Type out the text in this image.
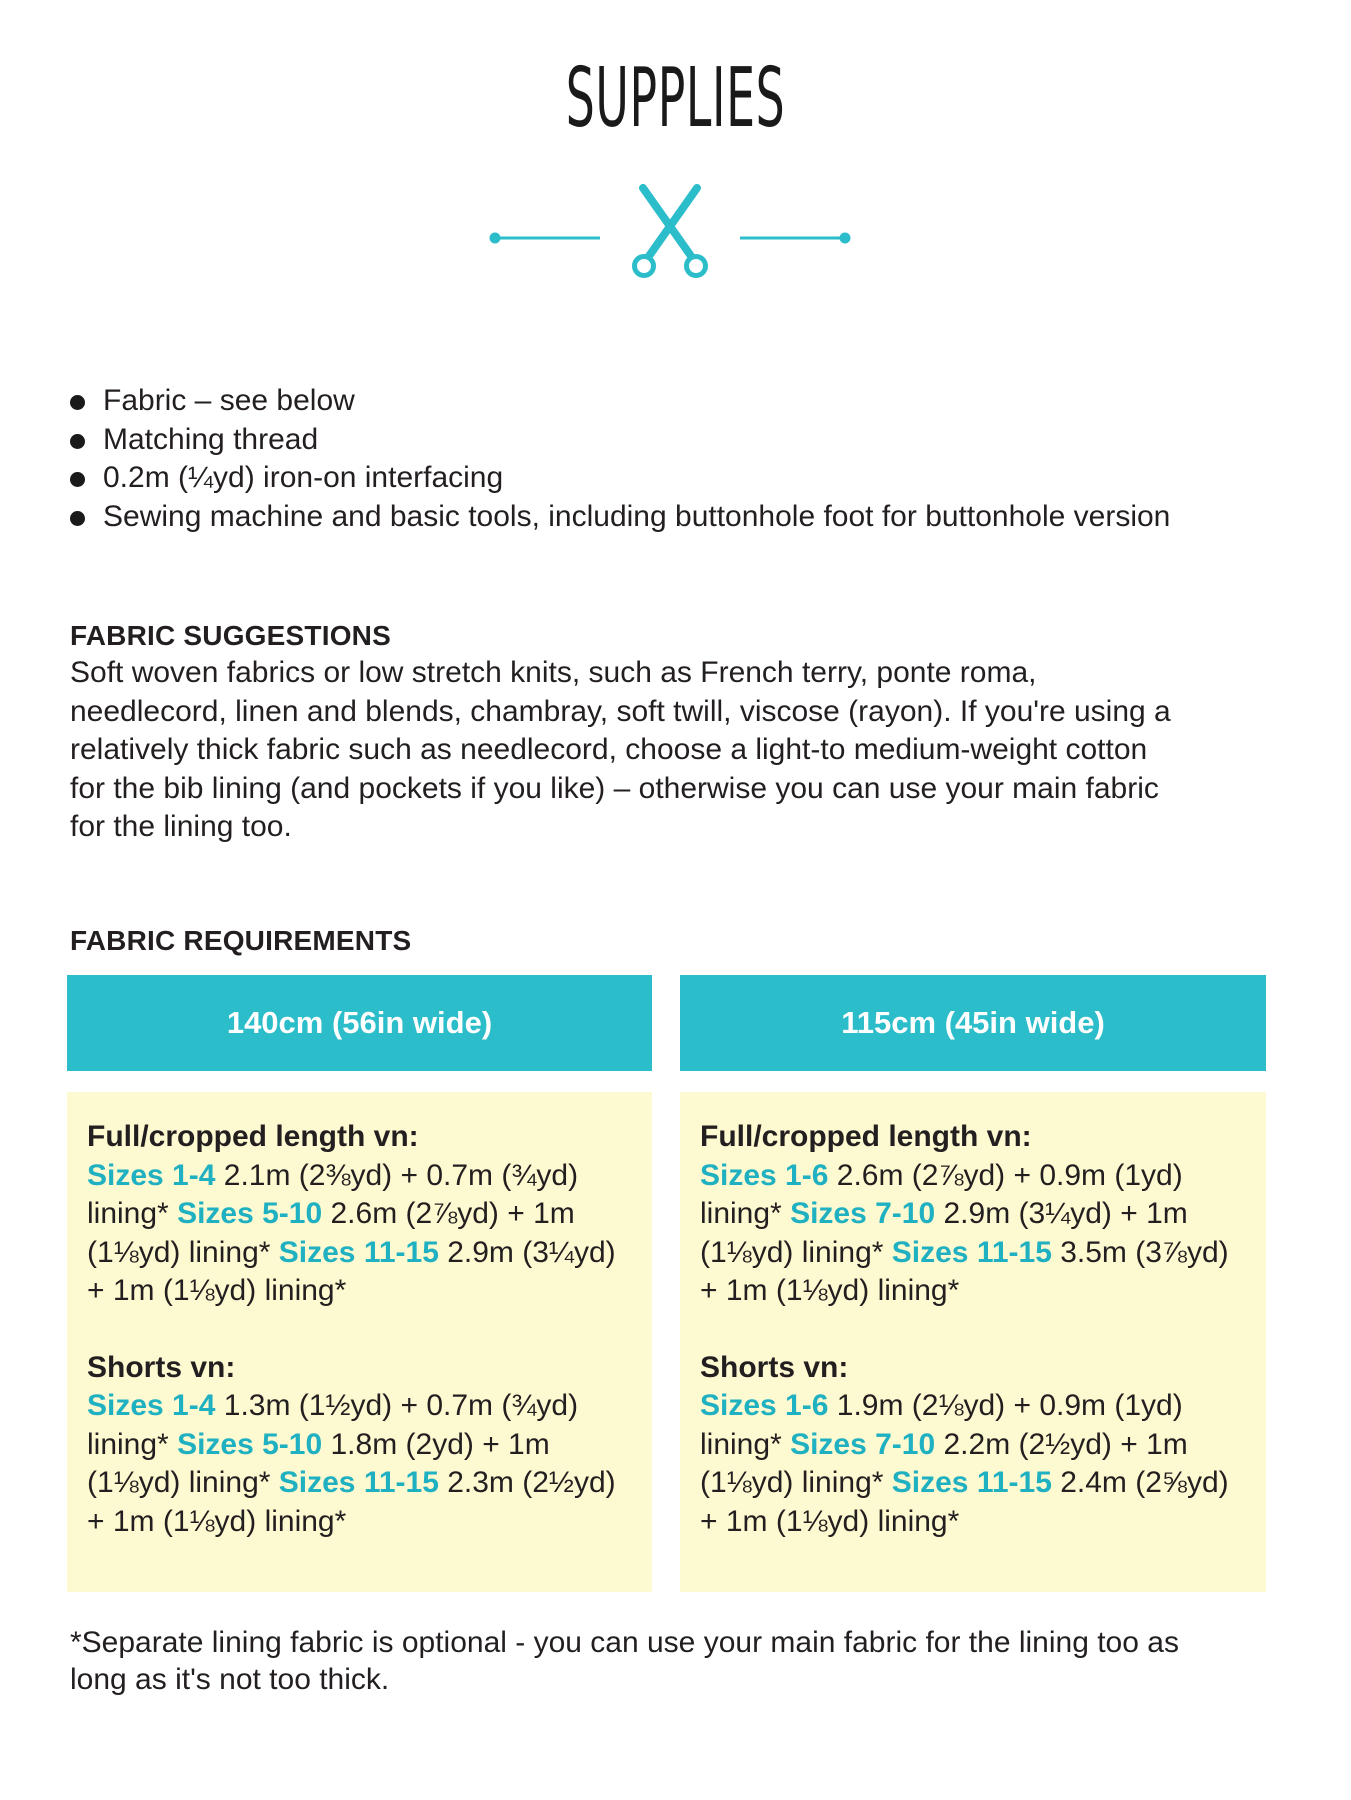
SUPPLIES
Fabric – see below
Matching thread
0.2m (¼yd) iron-on interfacing
Sewing machine and basic tools, including buttonhole foot for buttonhole version
FABRIC SUGGESTIONS
Soft woven fabrics or low stretch knits, such as French terry, ponte roma,
needlecord, linen and blends, chambray, soft twill, viscose (rayon). If you're using a
relatively thick fabric such as needlecord, choose a light-to medium-weight cotton
for the bib lining (and pockets if you like) – otherwise you can use your main fabric
for the lining too.
FABRIC REQUIREMENTS
140cm (56in wide)	115cm (45in wide)
Full/cropped length vn:
Sizes 1-4 2.1m (2⅜yd) + 0.7m (¾yd)
lining* Sizes 5-10 2.6m (2⅞yd) + 1m
(1⅛yd) lining* Sizes 11-15 2.9m (3¼yd)
+ 1m (1⅛yd) lining*
Shorts vn:
Sizes 1-4 1.3m (1½yd) + 0.7m (¾yd)
lining* Sizes 5-10 1.8m (2yd) + 1m
(1⅛yd) lining* Sizes 11-15 2.3m (2½yd)
+ 1m (1⅛yd) lining*
Full/cropped length vn:
Sizes 1-6 2.6m (2⅞yd) + 0.9m (1yd)
lining* Sizes 7-10 2.9m (3¼yd) + 1m
(1⅛yd) lining* Sizes 11-15 3.5m (3⅞yd)
+ 1m (1⅛yd) lining*
Shorts vn:
Sizes 1-6 1.9m (2⅛yd) + 0.9m (1yd)
lining* Sizes 7-10 2.2m (2½yd) + 1m
(1⅛yd) lining* Sizes 11-15 2.4m (2⅝yd)
+ 1m (1⅛yd) lining*
*Separate lining fabric is optional - you can use your main fabric for the lining too as
long as it's not too thick.
